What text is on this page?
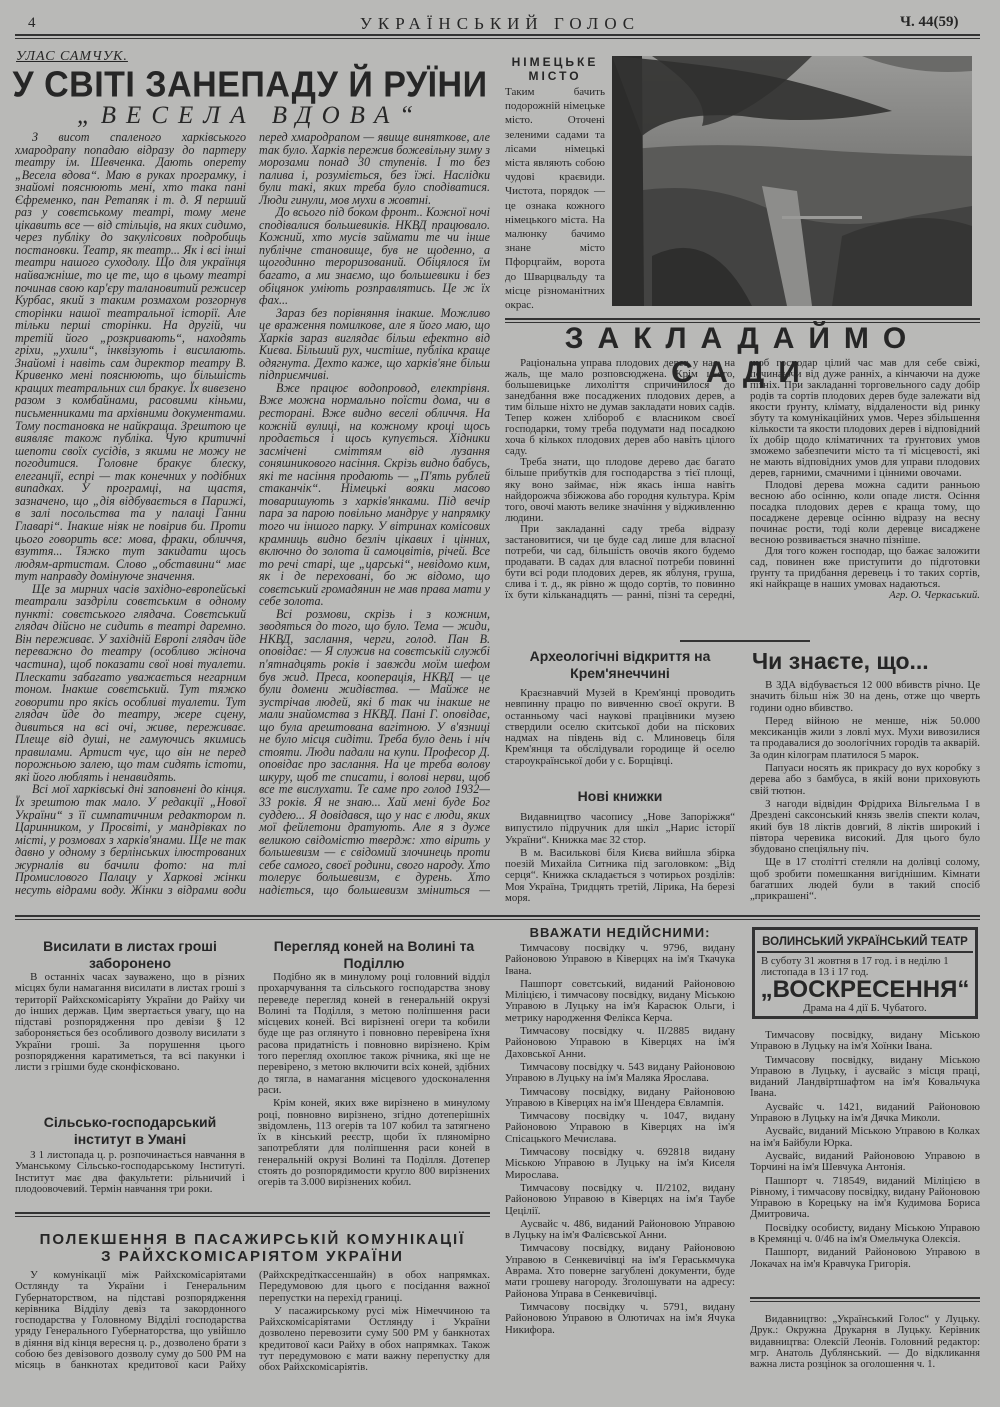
4	УКРАЇНСЬКИЙ ГОЛОС	Ч. 44(59)
УЛАС САМЧУК.
У СВІТІ ЗАНЕПАДУ Й РУЇНИ
„ВЕСЕЛА ВДОВА“

З висот спаленого харківського хмародрапу попадаю відразу до партеру театру ім. Шевченка. Дають оперету „Весела вдова“. Маю в руках програмку, і знайомі пояснюють мені, хто така пані Єфременко, пан Ретапяк і т. д. Я перший раз у совєтському театрі, тому мене цікавить все — від стільців, на яких сидимо, через публіку до закулісових подробиць постановки. Театр, як театр... Як і всі інші театри нашого суходолу. Що для українця найважніше, то це те, що в цьому театрі починав свою кар'єру талановитий режисер Курбас, який з таким розмахом розгорнув сторінки нашої театральної історії. Але тільки перші сторінки. На другій, чи третій його „розкривають“, находять гріхи, „ухили“, інквізують і висилають. Знайомі і навіть сам директор театру В. Кривенко мені пояснюють, що більшість кращих театральних сил бракує. Їх вивезено разом з комбайнами, расовими кіньми, письменниками та архівними документами. Тому постановка не найкраща. Зрештою це виявляє також публіка. Чую критичні шепоти своїх сусідів, з якими не можу не погодитися. Головне бракує блеску, елеганції, еспрі — так конечних у подібних випадках. У програмці, на щастя, зазначено, що „дія відбувається в Парижі, в залі посольства та у палаці Ганни Главарі“. Інакше ніяк не повірив би. Проти цього говорить все: мова, фраки, обличчя, взуття... Тяжко тут закидати щось людям-артистам. Слово „обставини“ має тут направду домінуюче значення.

Ще за мирних часів західно-европейські театрали заздріли совєтським в одному пункті: совєтського глядача. Совєтський глядач дійсно не сидить в театрі даремно. Він переживає. У західній Европі глядач йде переважно до театру (особливо жіноча частина), щоб показати свої нові туалети. Плескати забагато уважається негарним тоном. Інакше совєтський. Тут тяжко говорити про якісь особливі туалети. Тут глядач йде до театру, жере сцену, дивиться на всі очі, живе, переживає. Плеще від душі, не гамуючись якимись правилами. Артист чує, що він не перед порожньою залею, що там сидять істоти, які його люблять і ненавидять.

Всі мої харківські дні заповнені до кінця. Їх зрештою так мало. У редакції „Нової України“ з її симпатичним редактором п. Царинником, у Просвіті, у мандрівках по місті, у розмовах з харків'янами. Ще не так давно у одному з берлінських ілюстрованих журналів ви бачили фото: на тлі Промислового Палацу у Харкові жінки несуть відрами воду. Жінки з відрами води перед хмародрапом — явище виняткове, але так було. Харків пережив божевільну зиму з морозами понад 30 ступенів. І то без палива і, розуміється, без їжі. Наслідки були такі, яких треба було сподіватися. Люди гинули, мов мухи в жовтні.

До всього під боком фронт.. Кожної ночі сподівалися большевиків. НКВД працювало. Кожний, хто мусів займати те чи інше публічне становище, був не щоденно, а щогодинно тероризований. Обіцялося їм багато, а ми знаємо, що большевики і без обіцянок уміють розправлятись. Це ж їх фах...

Зараз без порівняння інакше. Можливо це враження помилкове, але я його маю, що Харків зараз виглядає більш ефектно від Києва. Більший рух, чистіше, публіка краще одягнута. Дехто каже, що харків'яне більш підприємчиві.

Вже працює водопровод, електрівня. Вже можна нормально поїсти дома, чи в ресторані. Вже видно веселі обличчя. На кожній вулиці, на кожному кроці щось продається і щось купується. Хідники засмічені сміттям від лузання соняшникового насіння. Скрізь видно бабусь, які те насіння продають — „П'ять рублей стаканчік“. Німецькі вояки масово товаришують з харків'янками. Під вечір пара за парою повільно мандрує у напрямку того чи іншого парку. У вітринах комісових крамниць видно безліч цікавих і цінних, включно до золота й самоцвітів, річей. Все то речі старі, ще „царські“, невідомо ким, як і де переховані, бо ж відомо, що совєтський громадянин не мав права мати у себе золота.

Всі розмови, скрізь і з кожним, зводяться до того, що було. Тема — жиди, НКВД, заслання, черги, голод. Пан В. оповідає: — Я служив на совєтській службі п'ятнадцять років і завжди моїм шефом був жид. Преса, кооперація, НКВД — це були домени жидівства. — Майже не зустрічав людей, які б так чи інакше не мали знайомства з НКВД. Пані Г. оповідає, що була арештована вагітною. У в'язниці не було місця сидіти. Треба було день і ніч стояти. Люди падали на купи. Професор Д. оповідає про заслання. На це треба волову шкуру, щоб те списати, і волові нерви, щоб все те вислухати. Те саме про голод 1932—33 років. Я не знаю... Хай мені буде Бог суддею... Я довідався, що у нас є люди, яких мої фейлетони дратують. Але я з дуже великою свідомістю твердж: хто вірить у большевизм — є свідомий злочинець проти себе самого, своєї родини, свого народу. Хто толерує большевизм, є дурень. Хто надіється, що большевизм зміниться —

НІМЕЦЬКЕ МІСТО
Таким бачить подорожній німецьке місто. Оточені зеленими садами та лісами німецькі міста являють собою чудові краєвиди. Чистота, порядок — це ознака кожного німецького міста. На малюнку бачимо знане місто Пфорцгайм, ворота до Шварцвальду та місце різноманітних окрас.
ЗАКЛАДАЙМО САДИ

Раціональна управа плодових дерев у нас, на жаль, ще мало розповсюджена. Крім цього, большевицьке лихоліття спричинилося до занедбання вже посаджених плодових дерев, а тим більше ніхто не думав закладати нових садів. Тепер кожен хлібороб є власником своєї господарки, тому треба подумати над посадкою хоча б кількох плодових дерев або навіть цілого саду.

Треба знати, що плодове дерево дає багато більше прибутків для господарства з тієї площі, яку воно займає, ніж якась інша навіть найдорожча збіжжова або городня культура. Крім того, овочі мають велике значіння у відживленню людини.

При закладанні саду треба відразу застановитися, чи це буде сад лише для власної потреби, чи сад, більшість овочів якого будемо продавати. В садах для власної потреби повинні бути всі роди плодових дерев, як яблуня, груша, слива і т. д., як рівно ж щодо сортів, то повинно їх бути кільканадцять — ранні, пізні та середні, щоб господар цілий час мав для себе свіжі, починаючи від дуже ранніх, а кінчаючи на дуже пізніх. При закладанні торговельного саду добір родів та сортів плодових дерев буде залежати від якости ґрунту, клімату, віддалености від ринку збуту та комунікаційних умов. Через збільшення кількости та якости плодових дерев і відповідний їх добір щодо кліматичних та ґрунтових умов зможемо забезпечити місто та ті місцевості, які не мають відповідних умов для управи плодових дерев, гарними, смачними і цінними овочами.

Плодові дерева можна садити ранньою весною або осінню, коли опаде листя. Осіння посадка плодових дерев є краща тому, що посаджене деревце осінню відразу на весну починає рости, тоді коли деревце висаджене весною розвивається значно пізніше.

Для того кожен господар, що бажає заложити сад, повинен вже приступити до підготовки ґрунту та придбання деревець і то таких сортів, які найкраще в наших умовах надаються.

Агр. О. Черкаський.

Археологічні відкриття на Крем'янеччині

Краєзнавчий Музей в Крем'янці проводить невпинну працю по вивченню своєї округи. В останньому часі наукові працівники музею ствердили оселю скитської доби на піскових надмах на південь від с. Млиновець біля Крем'янця та обслідували городище й оселю староукраїнської доби у с. Борщівці.

Нові книжки

Видавництво часопису „Нове Запоріжжя“ випустило підручник для шкіл „Нарис історії України“. Книжка має 32 стор.

В м. Василькові біля Києва вийшла збірка поезій Михайла Ситника під заголовком: „Від серця“. Книжка складається з чотирьох розділів: Моя Україна, Тридцять третій, Лірика, На березі моря.

Чи знаєте, що...

В ЗДА відбувається 12 000 вбивств річно. Це значить більш ніж 30 на день, отже що чверть години одно вбивство.

Перед війною не менше, ніж 50.000 мексиканців жили з ловлі мух. Мухи вивозилися та продавалися до зоологічних городів та акварій. За один кілограм платилося 5 марок.

Папуаси носять як прикрасу до вух коробку з дерева або з бамбуса, в якій вони приховують свій тютюн.

З нагоди відвідин Фрідриха Вільгельма I в Дрездені саксонський князь звелів спекти колач, який був 18 ліктів довгий, 8 ліктів широкий і півтора черевика високий. Для цього було збудовано спеціяльну піч.

Ще в 17 столітті стеляли на долівці солому, щоб зробити помешкання вигіднішим. Кімнати багатших людей були в такий спосіб „прикрашені“.

Висилати в листах гроші заборонено

В останніх часах зауважено, що в різних місцях були намагання висилати в листах гроші з території Райхскомісаріяту України до Райху чи до інших держав. Цим звертається увагу, що на підставі розпорядження про девізи § 12 забороняється без особливого дозволу висилати з України гроші. За порушення цього розпорядження каратиметься, та всі пакунки і листи з грішми буде сконфісковано.

Сільсько-господарський інститут в Умані

З 1 листопада ц. р. розпочинається навчання в Уманському Сільсько-господарському Інституті. Інститут має два факультети: рільничий і плодоовочевий. Термін навчання три роки.

Перегляд коней на Волині та Поділлю

Подібно як в минулому році головний відділ прохарчування та сільського господарства знову переведе перегляд коней в генеральній окрузі Волині та Поділля, з метою поліпшення раси місцевих коней. Всі вирізнені огери та кобили буде ще раз оглянуто і повновно перевірена їхня расова придатність і повновно вирізнено. Крім того перегляд охоплює також річника, які ще не перевірено, з метою включити всіх коней, здібних до тягла, в намагання місцевого удосконалення раси.

Крім коней, яких вже вирізнено в минулому році, повновно вирізнено, згідно дотеперішніх звідомлень, 113 огерів та 107 кобил та затягнено їх в кінський реєстр, щоби їх пляномірно запотребляти для поліпшення раси коней в генеральній окрузі Волині та Поділля. Дотепер стоять до розпорядимости кругло 800 вирізнених огерів та 3.000 вирізнених кобил.

ВВАЖАТИ НЕДІЙСНИМИ:

Тимчасову посвідку ч. 9796, видану Районовою Управою в Ківерцях на ім'я Ткачука Івана.

Пашпорт совєтський, виданий Районовою Міліцією, і тимчасову посвідку, видану Міською Управою в Луцьку на ім'я Карасюк Ольги, і метрику народження Фелікса Керча.

Тимчасову посвідку ч. II/2885 видану Районовою Управою в Ківерцях на ім'я Даховської Анни.

Тимчасову посвідку ч. 543 видану Районовою Управою в Луцьку на ім'я Маляка Ярослава.

Тимчасову посвідку, видану Районовою Управою в Ківерцях на ім'я Шендера Євлампія.

Тимчасову посвідку ч. 1047, видану Районовою Управою в Ківерцях на ім'я Спісацького Мечислава.

Тимчасову посвідку ч. 692818 видану Міською Управою в Луцьку на ім'я Киселя Мирослава.

Тимчасову посвідку ч. II/2102, видану Районовою Управою в Ківерцях на ім'я Таубе Цецілії.

Аусвайс ч. 486, виданий Районовою Управою в Луцьку на ім'я Фалієвської Анни.

Тимчасову посвідку, видану Районовою Управою в Сенкевичівці на ім'я Гераськмчука Аврама. Хто поверне загублені документи, буде мати грошеву нагороду. Зголошувати на адресу: Районова Управа в Сенкевичівці.

Тимчасову посвідку ч. 5791, видану Районовою Управою в Олютичах на ім'я Ячука Никифора.

ВОЛИНСЬКИЙ УКРАЇНСЬКИЙ ТЕАТР
В суботу 31 жовтня в 17 год. і в неділю 1 листопада в 13 і 17 год.
„ВОСКРЕСЕННЯ“
Драма на 4 дії Б. Чубатого.

Тимчасову посвідку, видану Міською Управою в Луцьку на ім'я Хоїнки Івана.

Тимчасову посвідку, видану Міською Управою в Луцьку, і аусвайс з місця праці, виданий Ландвіртшафтом на ім'я Ковальчука Івана.

Аусвайс ч. 1421, виданий Районовою Управою в Луцьку на ім'я Дячка Миколи.

Аусвайс, виданий Міською Управою в Колках на ім'я Байбули Юрка.

Аусвайс, виданий Районовою Управою в Торчині на ім'я Шевчука Антонія.

Пашпорт ч. 718549, виданий Міліцією в Рівному, і тимчасову посвідку, видану Районовою Управою в Корецьку на ім'я Кудимова Бориса Дмитровича.

Посвідку особисту, видану Міською Управою в Кремянці ч. 0/46 на ім'я Омельчука Олексія.

Пашпорт, виданий Районовою Управою в Локачах на ім'я Кравчука Григорія.

Видавництво: „Український Голос“ у Луцьку. Друк.: Окружна Друкарня в Луцьку. Керівник видавництва: Олексій Леонів. Головний редактор: мгр. Анатоль Дублянський. — До відкликання важна листа розцінок за оголошення ч. 1.
ПОЛЕКШЕННЯ В ПАСАЖИРСЬКІЙ КОМУНІКАЦІЇ
З РАЙХСКОМІСАРІЯТОМ УКРАЇНИ

У комунікації між Райхскомісаріятами Остлянду та України і Генеральним Губернаторством, на підставі розпорядження керівника Відділу девіз та закордонного господарства у Головному Відділі господарства уряду Генерального Губернаторства, що увійшло в діяння від кінця вересня ц. р., дозволено брати з собою без девізового дозволу суму до 500 РМ на місяць в банкнотах кредитової каси Райху (Райхскредіткассеншайн) в обох напрямках. Передумовою для цього є посідання важної перепустки на перехід границі.

У пасажирському русі між Німеччиною та Райхскомісаріятами Остлянду і України дозволено перевозити суму 500 РМ у банкнотах кредитової каси Райху в обох напрямках. Також тут передумовою є мати важну перепустку для обох Райхскомісаріятів.
